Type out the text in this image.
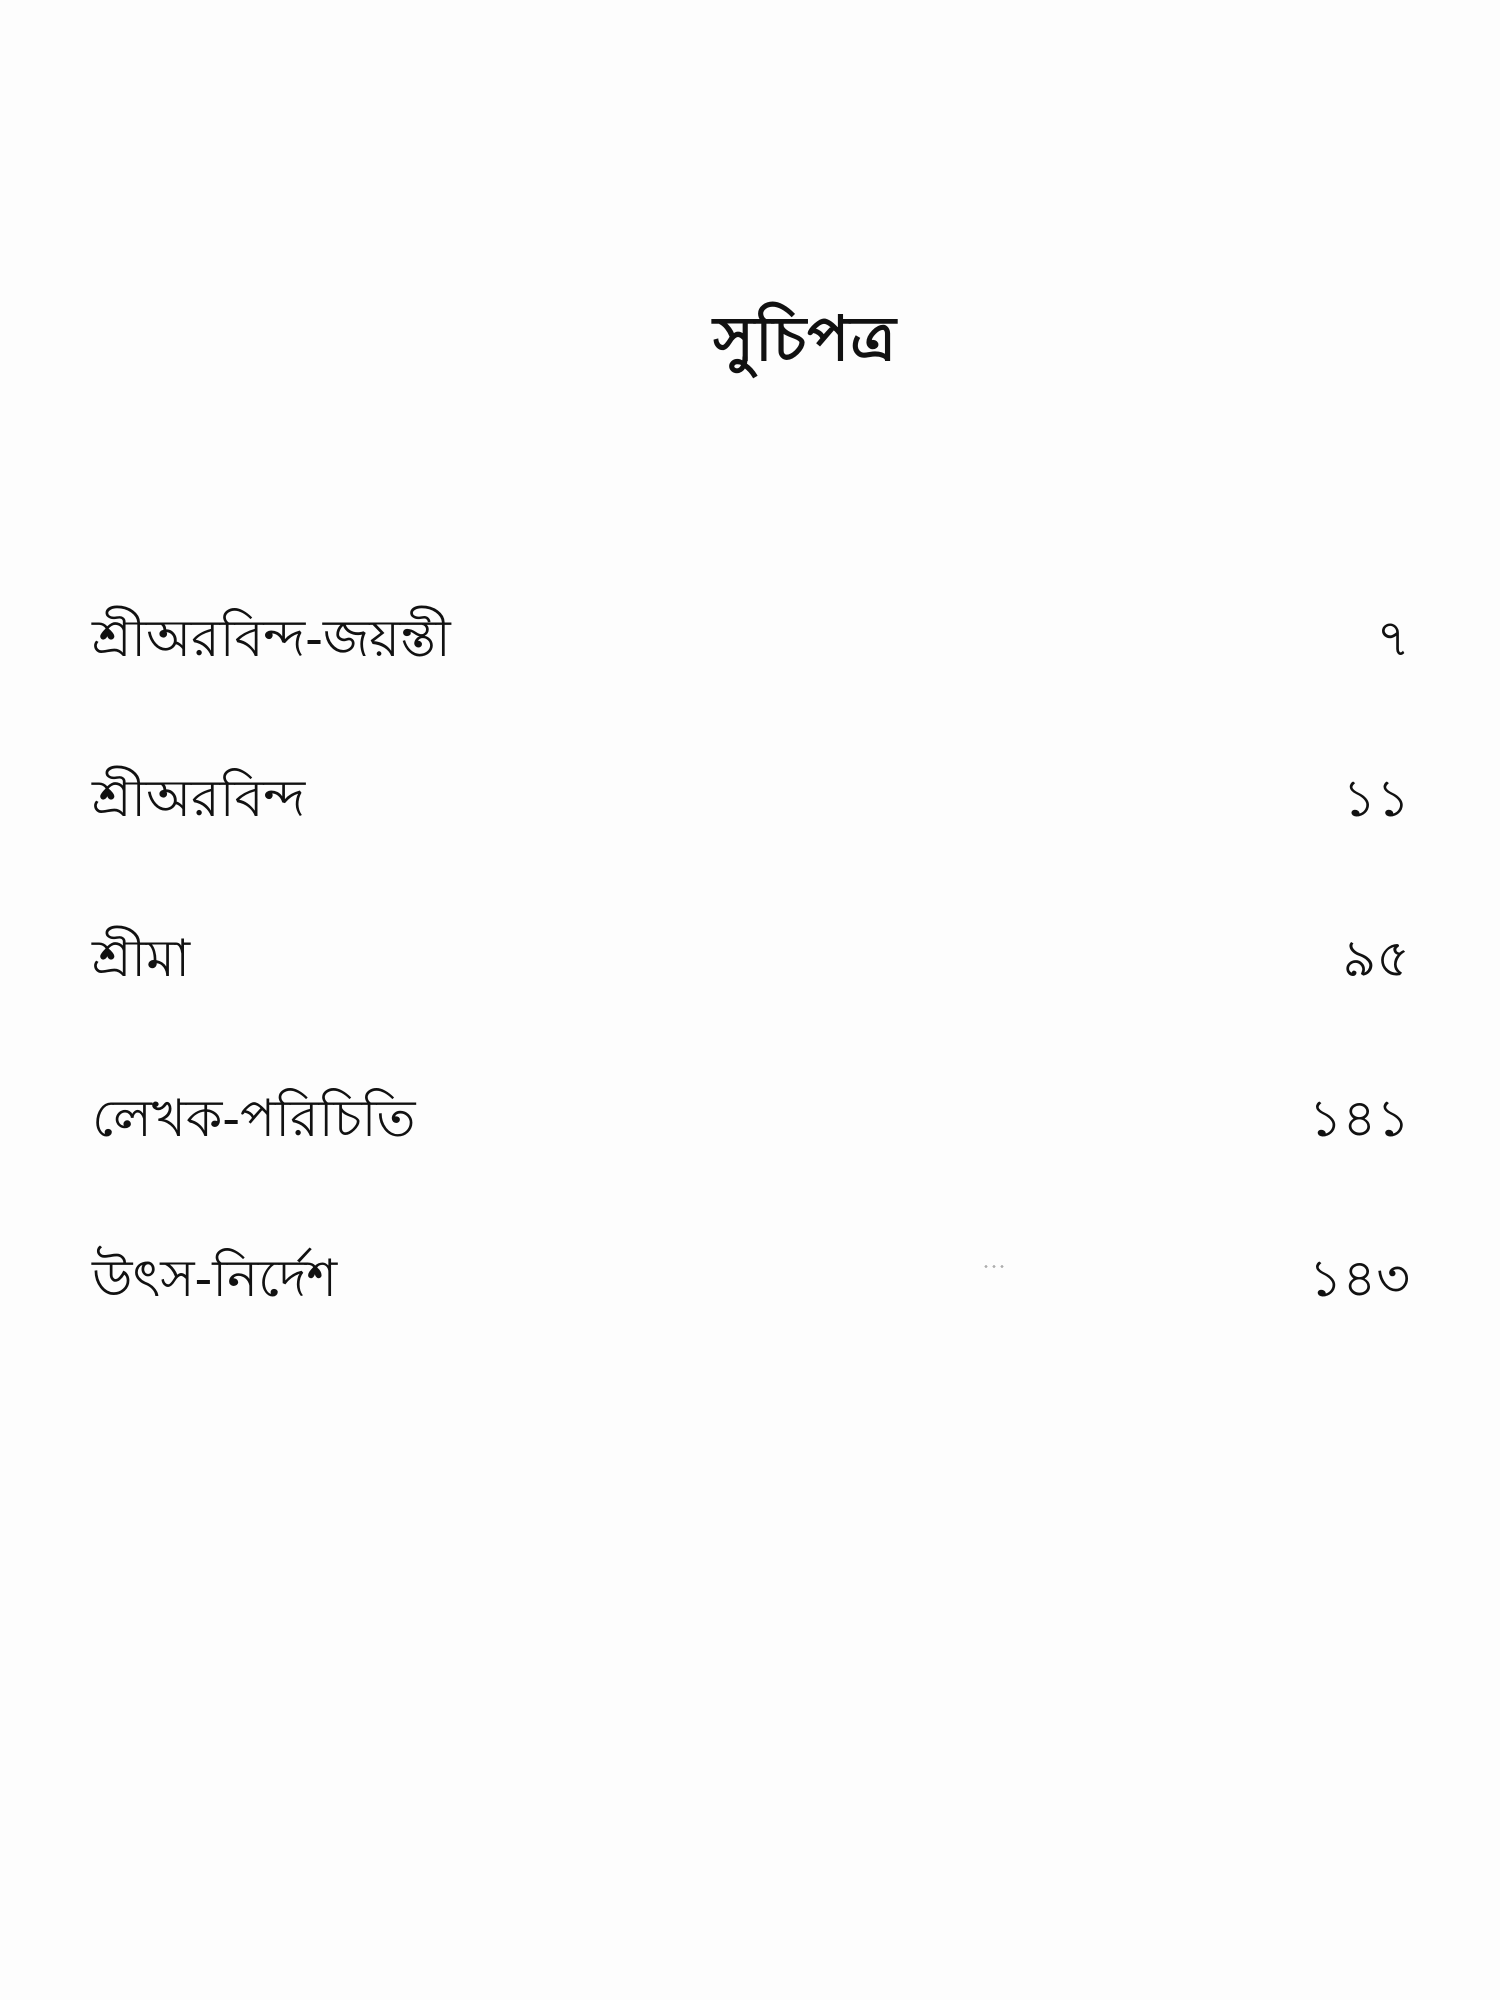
সুচিপত্র
শ্রীঅরবিন্দ-জয়ন্তী	৭
শ্রীঅরবিন্দ	১১
শ্রীমা	৯৫
লেখক-পরিচিতি	১৪১
উৎস-নির্দেশ	১৪৩
